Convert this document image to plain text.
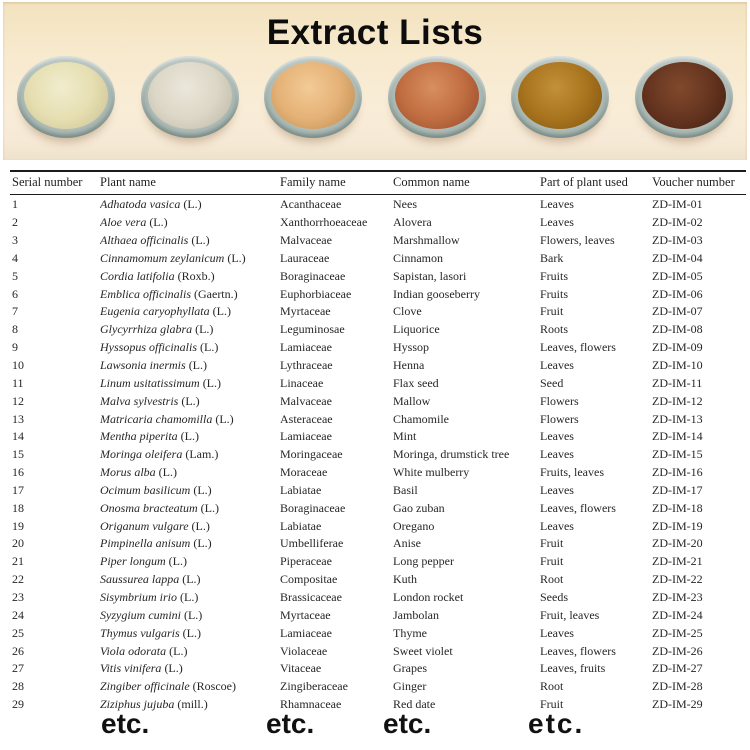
Extract Lists
Serial number	Plant name	Family name	Common name	Part of plant used	Voucher number
1	Adhatoda vasica (L.)	Acanthaceae	Nees	Leaves	ZD-IM-01
2	Aloe vera (L.)	Xanthorrhoeaceae	Alovera	Leaves	ZD-IM-02
3	Althaea officinalis (L.)	Malvaceae	Marshmallow	Flowers, leaves	ZD-IM-03
4	Cinnamomum zeylanicum (L.)	Lauraceae	Cinnamon	Bark	ZD-IM-04
5	Cordia latifolia (Roxb.)	Boraginaceae	Sapistan, lasori	Fruits	ZD-IM-05
6	Emblica officinalis (Gaertn.)	Euphorbiaceae	Indian gooseberry	Fruits	ZD-IM-06
7	Eugenia caryophyllata (L.)	Myrtaceae	Clove	Fruit	ZD-IM-07
8	Glycyrrhiza glabra (L.)	Leguminosae	Liquorice	Roots	ZD-IM-08
9	Hyssopus officinalis (L.)	Lamiaceae	Hyssop	Leaves, flowers	ZD-IM-09
10	Lawsonia inermis (L.)	Lythraceae	Henna	Leaves	ZD-IM-10
11	Linum usitatissimum (L.)	Linaceae	Flax seed	Seed	ZD-IM-11
12	Malva sylvestris (L.)	Malvaceae	Mallow	Flowers	ZD-IM-12
13	Matricaria chamomilla (L.)	Asteraceae	Chamomile	Flowers	ZD-IM-13
14	Mentha piperita (L.)	Lamiaceae	Mint	Leaves	ZD-IM-14
15	Moringa oleifera (Lam.)	Moringaceae	Moringa, drumstick tree	Leaves	ZD-IM-15
16	Morus alba (L.)	Moraceae	White mulberry	Fruits, leaves	ZD-IM-16
17	Ocimum basilicum (L.)	Labiatae	Basil	Leaves	ZD-IM-17
18	Onosma bracteatum (L.)	Boraginaceae	Gao zuban	Leaves, flowers	ZD-IM-18
19	Origanum vulgare (L.)	Labiatae	Oregano	Leaves	ZD-IM-19
20	Pimpinella anisum (L.)	Umbelliferae	Anise	Fruit	ZD-IM-20
21	Piper longum (L.)	Piperaceae	Long pepper	Fruit	ZD-IM-21
22	Saussurea lappa (L.)	Compositae	Kuth	Root	ZD-IM-22
23	Sisymbrium irio (L.)	Brassicaceae	London rocket	Seeds	ZD-IM-23
24	Syzygium cumini (L.)	Myrtaceae	Jambolan	Fruit, leaves	ZD-IM-24
25	Thymus vulgaris (L.)	Lamiaceae	Thyme	Leaves	ZD-IM-25
26	Viola odorata (L.)	Violaceae	Sweet violet	Leaves, flowers	ZD-IM-26
27	Vitis vinifera (L.)	Vitaceae	Grapes	Leaves, fruits	ZD-IM-27
28	Zingiber officinale (Roscoe)	Zingiberaceae	Ginger	Root	ZD-IM-28
29	Ziziphus jujuba (mill.)	Rhamnaceae	Red date	Fruit	ZD-IM-29
etc.	etc. etc.	etc.
